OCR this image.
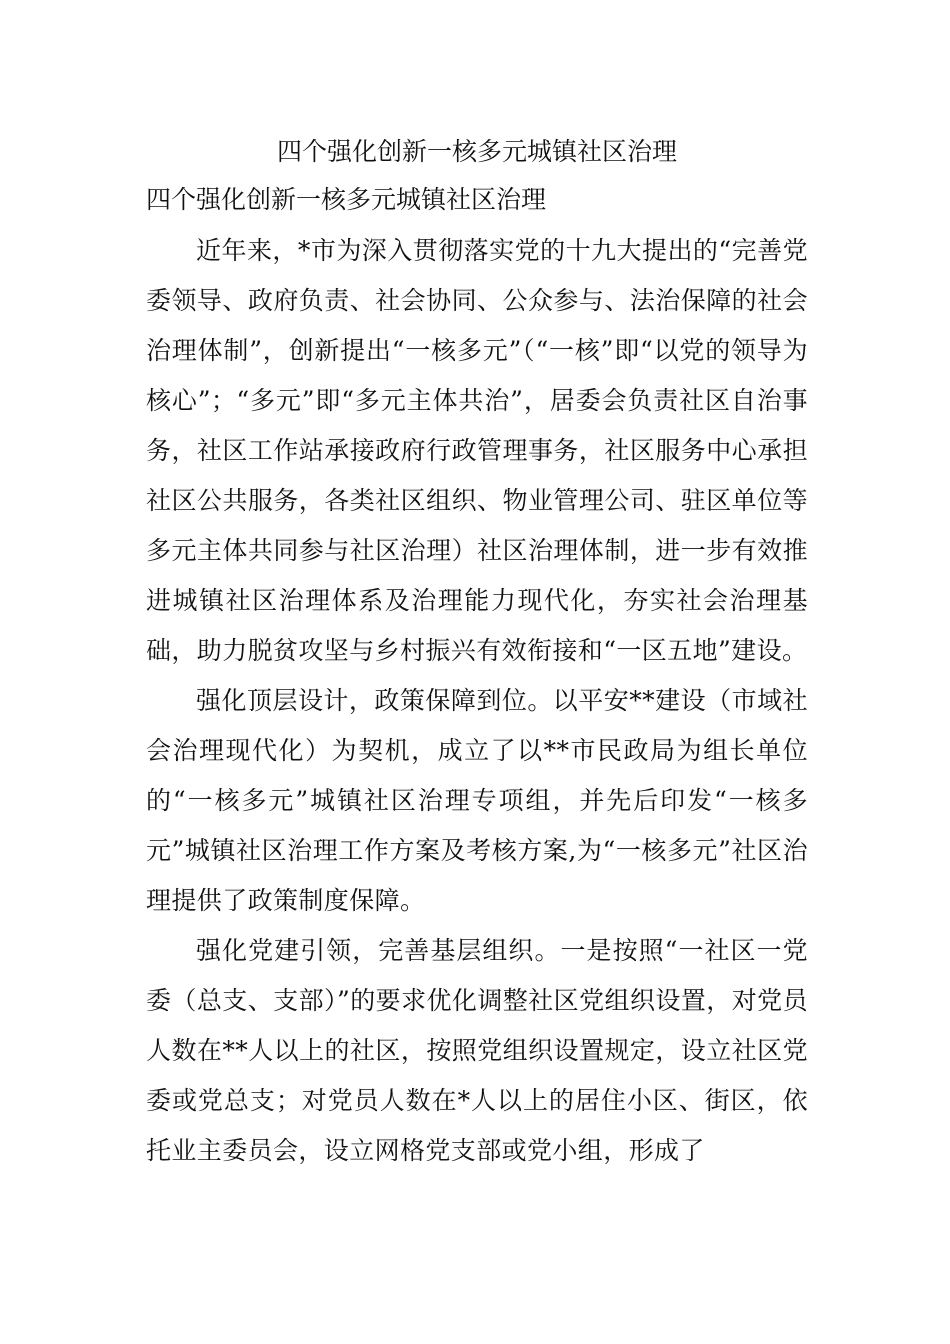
四个强化创新一核多元城镇社区治理
四个强化创新一核多元城镇社区治理

近年来，*市为深入贯彻落实党的十九大提出的“完善党委领导、政府负责、社会协同、公众参与、法治保障的社会治理体制”，创新提出“一核多元”（“一核”即“以党的领导为核心”；“多元”即“多元主体共治”，居委会负责社区自治事务，社区工作站承接政府行政管理事务，社区服务中心承担社区公共服务，各类社区组织、物业管理公司、驻区单位等多元主体共同参与社区治理）社区治理体制，进一步有效推进城镇社区治理体系及治理能力现代化，夯实社会治理基础，助力脱贫攻坚与乡村振兴有效衔接和“一区五地”建设。

强化顶层设计，政策保障到位。以平安**建设（市域社会治理现代化）为契机，成立了以**市民政局为组长单位的“一核多元”城镇社区治理专项组，并先后印发“一核多元”城镇社区治理工作方案及考核方案,为“一核多元”社区治理提供了政策制度保障。

强化党建引领，完善基层组织。一是按照“一社区一党委（总支、支部）”的要求优化调整社区党组织设置，对党员人数在**人以上的社区，按照党组织设置规定，设立社区党委或党总支；对党员人数在*人以上的居住小区、街区，依托业主委员会，设立网格党支部或党小组，形成了
